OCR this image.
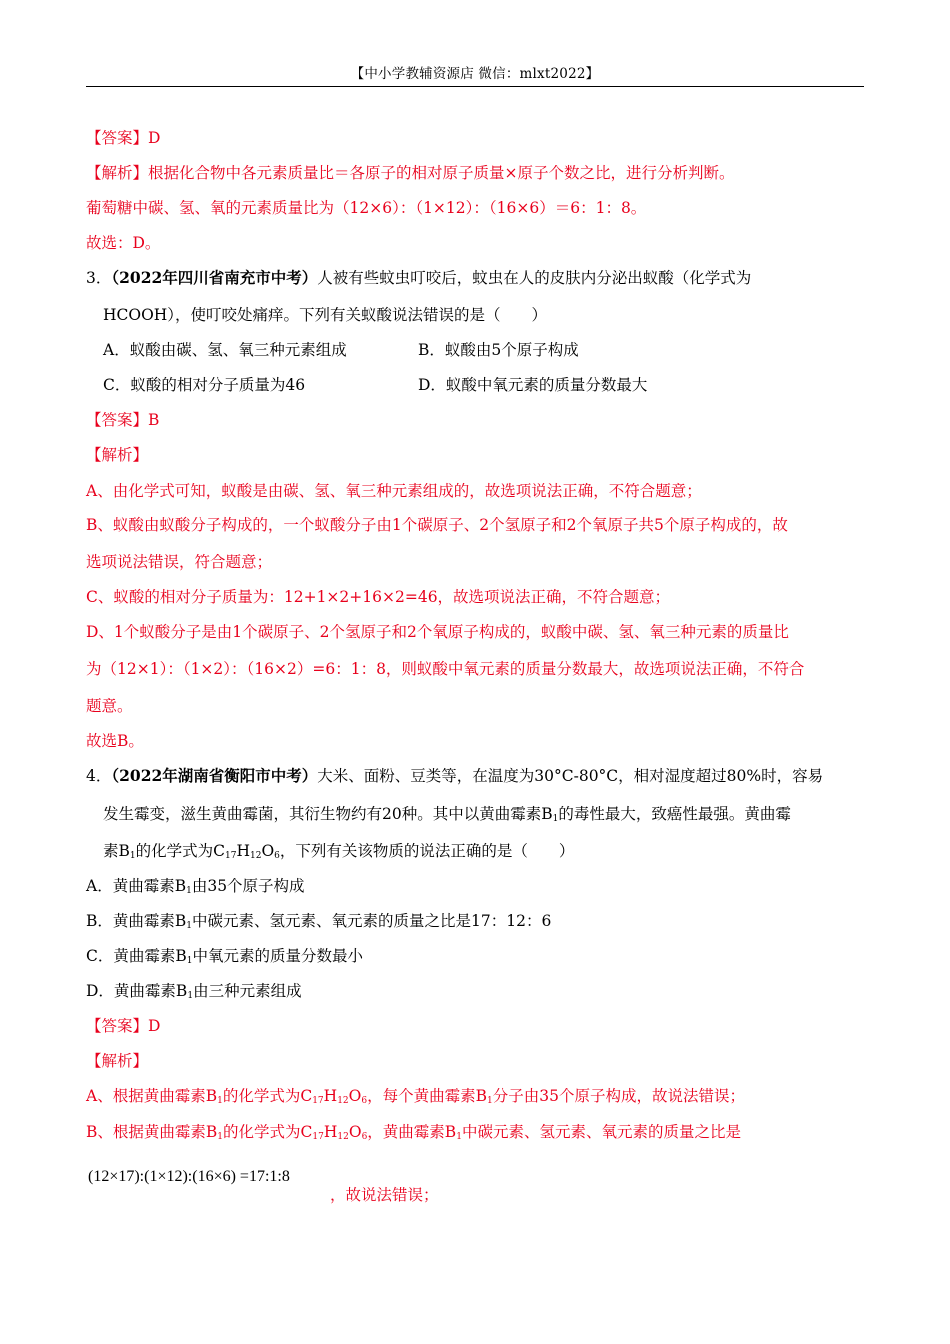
【中小学教辅资源店 微信：mlxt2022】
【答案】D
【解析】根据化合物中各元素质量比＝各原子的相对原子质量×原子个数之比，进行分析判断。
葡萄糖中碳、氢、氧的元素质量比为（12×6）：（1×12）：（16×6）＝6：1：8。
故选：D。
3．（2022年四川省南充市中考）人被有些蚊虫叮咬后，蚊虫在人的皮肤内分泌出蚁酸（化学式为
HCOOH），使叮咬处痛痒。下列有关蚁酸说法错误的是（　　）
A．蚁酸由碳、氢、氧三种元素组成	B．蚁酸由5个原子构成
C．蚁酸的相对分子质量为46	D．蚁酸中氧元素的质量分数最大
【答案】B
【解析】
A、由化学式可知，蚁酸是由碳、氢、氧三种元素组成的，故选项说法正确，不符合题意；
B、蚁酸由蚁酸分子构成的，一个蚁酸分子由1个碳原子、2个氢原子和2个氧原子共5个原子构成的，故
选项说法错误，符合题意；
C、蚁酸的相对分子质量为：12+1×2+16×2=46，故选项说法正确，不符合题意；
D、1个蚁酸分子是由1个碳原子、2个氢原子和2个氧原子构成的，蚁酸中碳、氢、氧三种元素的质量比
为（12×1）：（1×2）：（16×2）=6：1：8，则蚁酸中氧元素的质量分数最大，故选项说法正确，不符合
题意。
故选B。
4．（2022年湖南省衡阳市中考）大米、面粉、豆类等，在温度为30°C-80°C，相对湿度超过80%时，容易
发生霉变，滋生黄曲霉菌，其衍生物约有20种。其中以黄曲霉素$B_1$的毒性最大，致癌性最强。黄曲霉
素$B_1$的化学式为$C_{17}H_{12}O_6$，下列有关该物质的说法正确的是（　　）
A．黄曲霉素$B_1$由35个原子构成
B．黄曲霉素$B_1$中碳元素、氢元素、氧元素的质量之比是17：12：6
C．黄曲霉素$B_1$中氧元素的质量分数最小
D．黄曲霉素$B_1$由三种元素组成
【答案】D
【解析】
A、根据黄曲霉素$B_1$的化学式为$C_{17}H_{12}O_6$，每个黄曲霉素$B_1$分子由35个原子构成，故说法错误；
B、根据黄曲霉素$B_1$的化学式为$C_{17}H_{12}O_6$，黄曲霉素$B_1$中碳元素、氢元素、氧元素的质量之比是
(12×17):(1×12):(16×6) =17:1:8
，故说法错误；
